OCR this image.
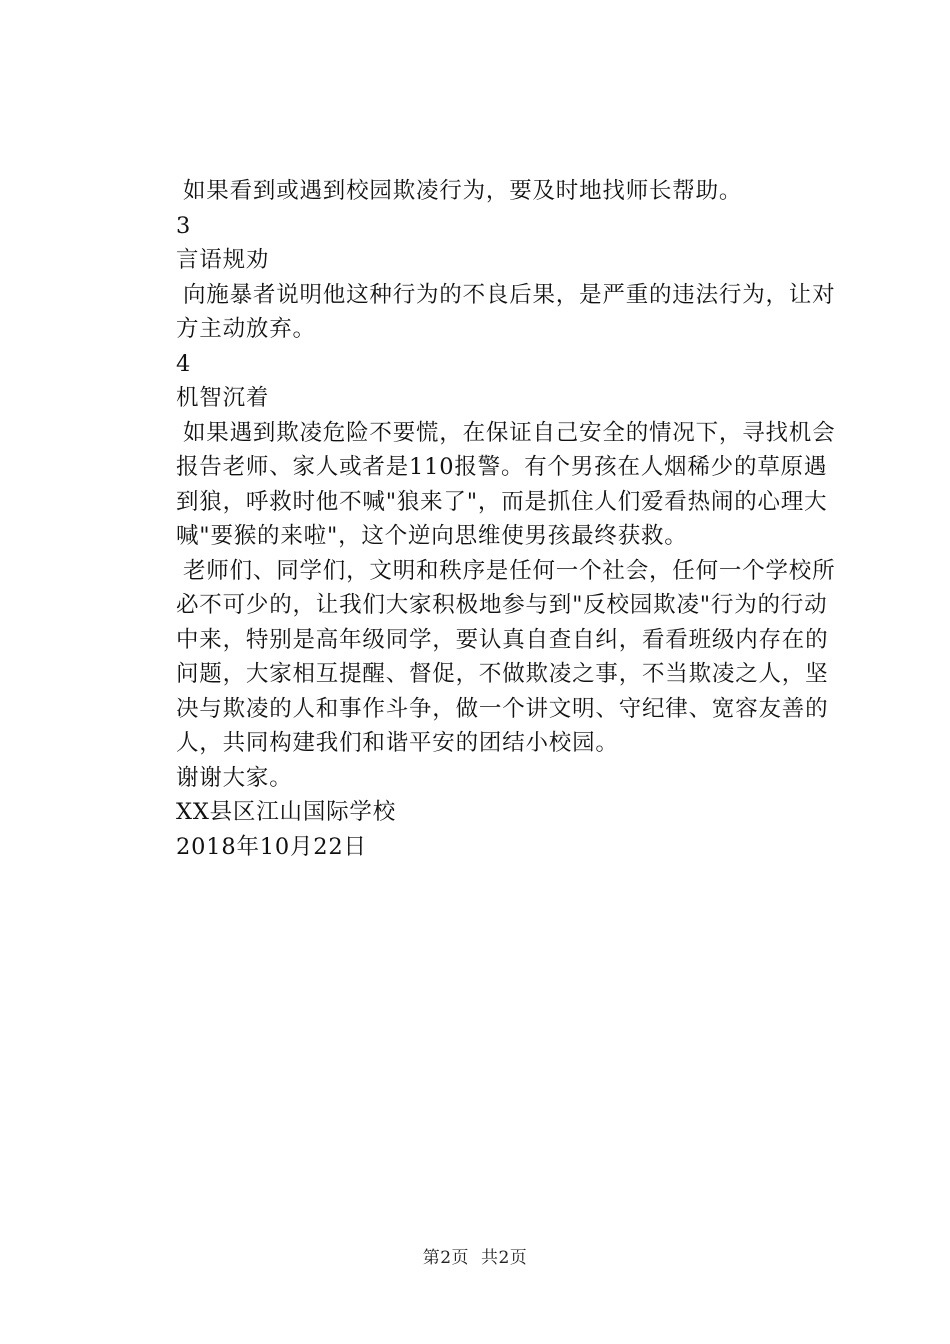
如果看到或遇到校园欺凌行为，要及时地找师长帮助。

3

言语规劝

向施暴者说明他这种行为的不良后果，是严重的违法行为，让对方主动放弃。

4

机智沉着

如果遇到欺凌危险不要慌，在保证自己安全的情况下，寻找机会报告老师、家人或者是110报警。有个男孩在人烟稀少的草原遇到狼，呼救时他不喊"狼来了"，而是抓住人们爱看热闹的心理大喊"要猴的来啦"，这个逆向思维使男孩最终获救。

老师们、同学们，文明和秩序是任何一个社会，任何一个学校所必不可少的，让我们大家积极地参与到"反校园欺凌"行为的行动中来，特别是高年级同学，要认真自查自纠，看看班级内存在的问题，大家相互提醒、督促，不做欺凌之事，不当欺凌之人，坚决与欺凌的人和事作斗争，做一个讲文明、守纪律、宽容友善的人，共同构建我们和谐平安的团结小校园。

谢谢大家。

XX县区江山国际学校

2018年10月22日

第2页 共2页
